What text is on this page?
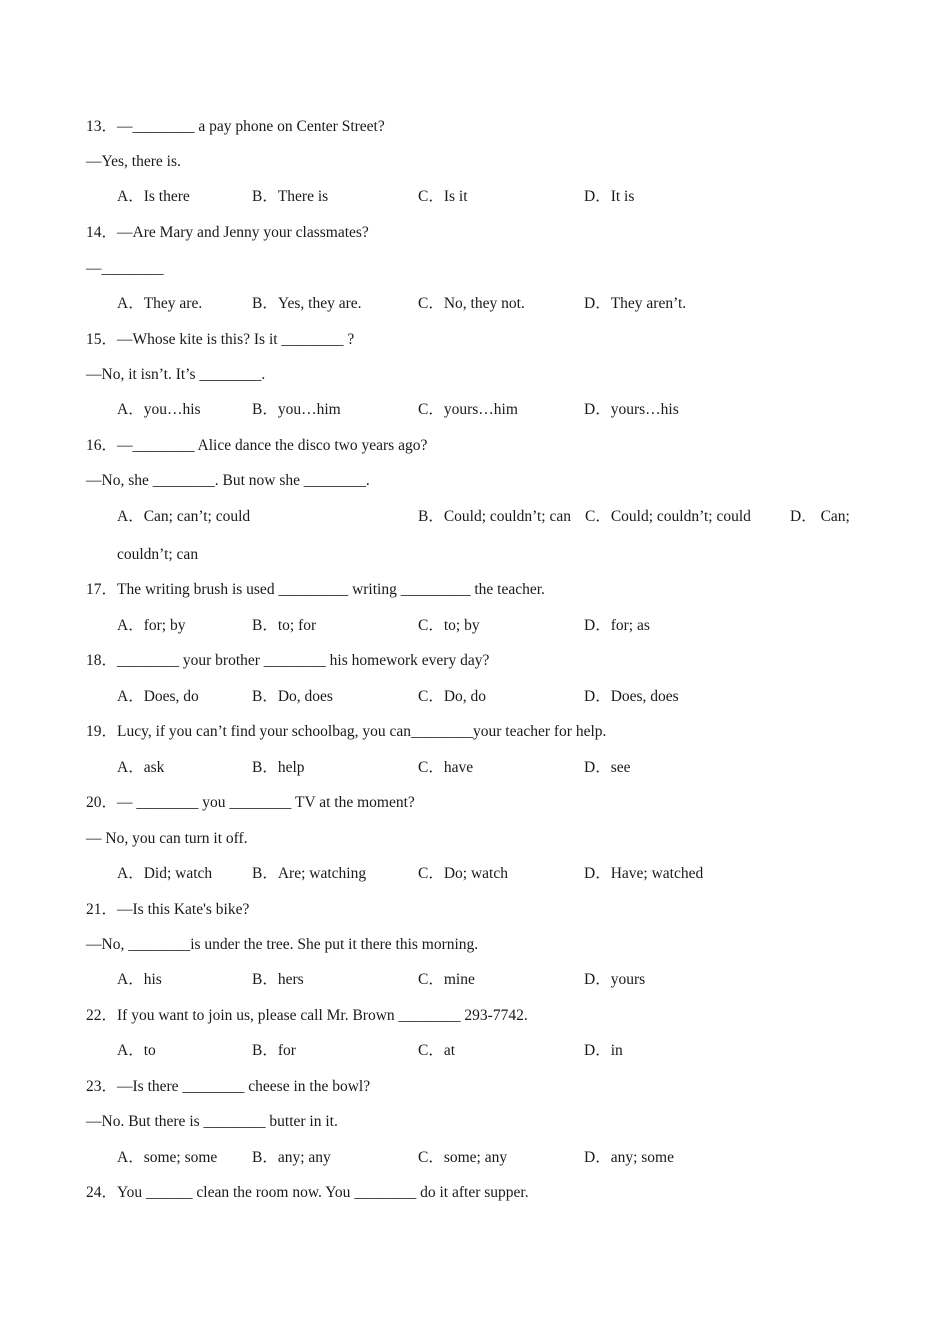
13．—________ a pay phone on Center Street?
—Yes, there is.
A．Is there	B．There is	C．Is it	D．It is
14．—Are Mary and Jenny your classmates?
—________
A．They are.	B．Yes, they are.	C．No, they not.	D．They aren’t.
15．—Whose kite is this? Is it ________ ?
—No, it isn’t. It’s ________.
A．you…his	B．you…him	C．yours…him	D．yours…his
16．—________ Alice dance the disco two years ago?
—No, she ________. But now she ________.
A．Can; can’t; could	B．Could; couldn’t; can C．Could; couldn’t; could	D． Can;
couldn’t; can
17．The writing brush is used _________ writing _________ the teacher.
A．for; by	B．to; for	C．to; by	D．for; as
18．________ your brother ________ his homework every day?
A．Does, do	B．Do, does	C．Do, do	D．Does, does
19．Lucy, if you can’t find your schoolbag, you can________your teacher for help.
A．ask	B．help	C．have	D．see
20．— ________ you ________ TV at the moment?
— No, you can turn it off.
A．Did; watch	B．Are; watching	C．Do; watch	D．Have; watched
21．—Is this Kate's bike?
—No, ________is under the tree. She put it there this morning.
A．his	B．hers	C．mine	D．yours
22．If you want to join us, please call Mr. Brown ________ 293-7742.
A．to	B．for	C．at	D．in
23．—Is there ________ cheese in the bowl?
—No. But there is ________ butter in it.
A．some; some B．any; any	C．some; any	D．any; some
24．You ______ clean the room now. You ________ do it after supper.
